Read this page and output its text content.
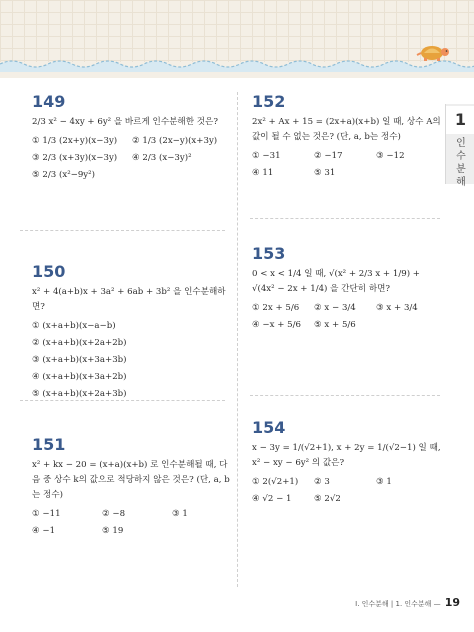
1
인수분해
149
2/3 x² − 4xy + 6y² 을 바르게 인수분해한 것은?
① 1/3 (2x+y)(x−3y)	② 1/3 (2x−y)(x+3y)
③ 2/3 (x+3y)(x−3y)	④ 2/3 (x−3y)²
⑤ 2/3 (x²−9y²)
150
x² + 4(a+b)x + 3a² + 6ab + 3b² 을 인수분해하면?
① (x+a+b)(x−a−b)
② (x+a+b)(x+2a+2b)
③ (x+a+b)(x+3a+3b)
④ (x+a+b)(x+3a+2b)
⑤ (x+a+b)(x+2a+3b)
151
x² + kx − 20 = (x+a)(x+b) 로 인수분해될 때, 다음 중 상수 k의 값으로 적당하지 않은 것은? (단, a, b는 정수)
① −11	② −8	③ 1
④ −1	⑤ 19
152
2x² + Ax + 15 = (2x+a)(x+b) 일 때, 상수 A의 값이 될 수 없는 것은? (단, a, b는 정수)
① −31	② −17	③ −12
④ 11	⑤ 31
153
0 < x < 1/4 일 때, √(x² + 2/3 x + 1/9) + √(4x² − 2x + 1/4) 을 간단히 하면?
① 2x + 5/6	② x − 3/4	③ x + 3/4
④ −x + 5/6	⑤ x + 5/6
154
x − 3y = 1/(√2+1), x + 2y = 1/(√2−1) 일 때, x² − xy − 6y² 의 값은?
① 2(√2+1)	② 3	③ 1
④ √2 − 1	⑤ 2√2
I. 인수분해 | 1. 인수분해 — 19
